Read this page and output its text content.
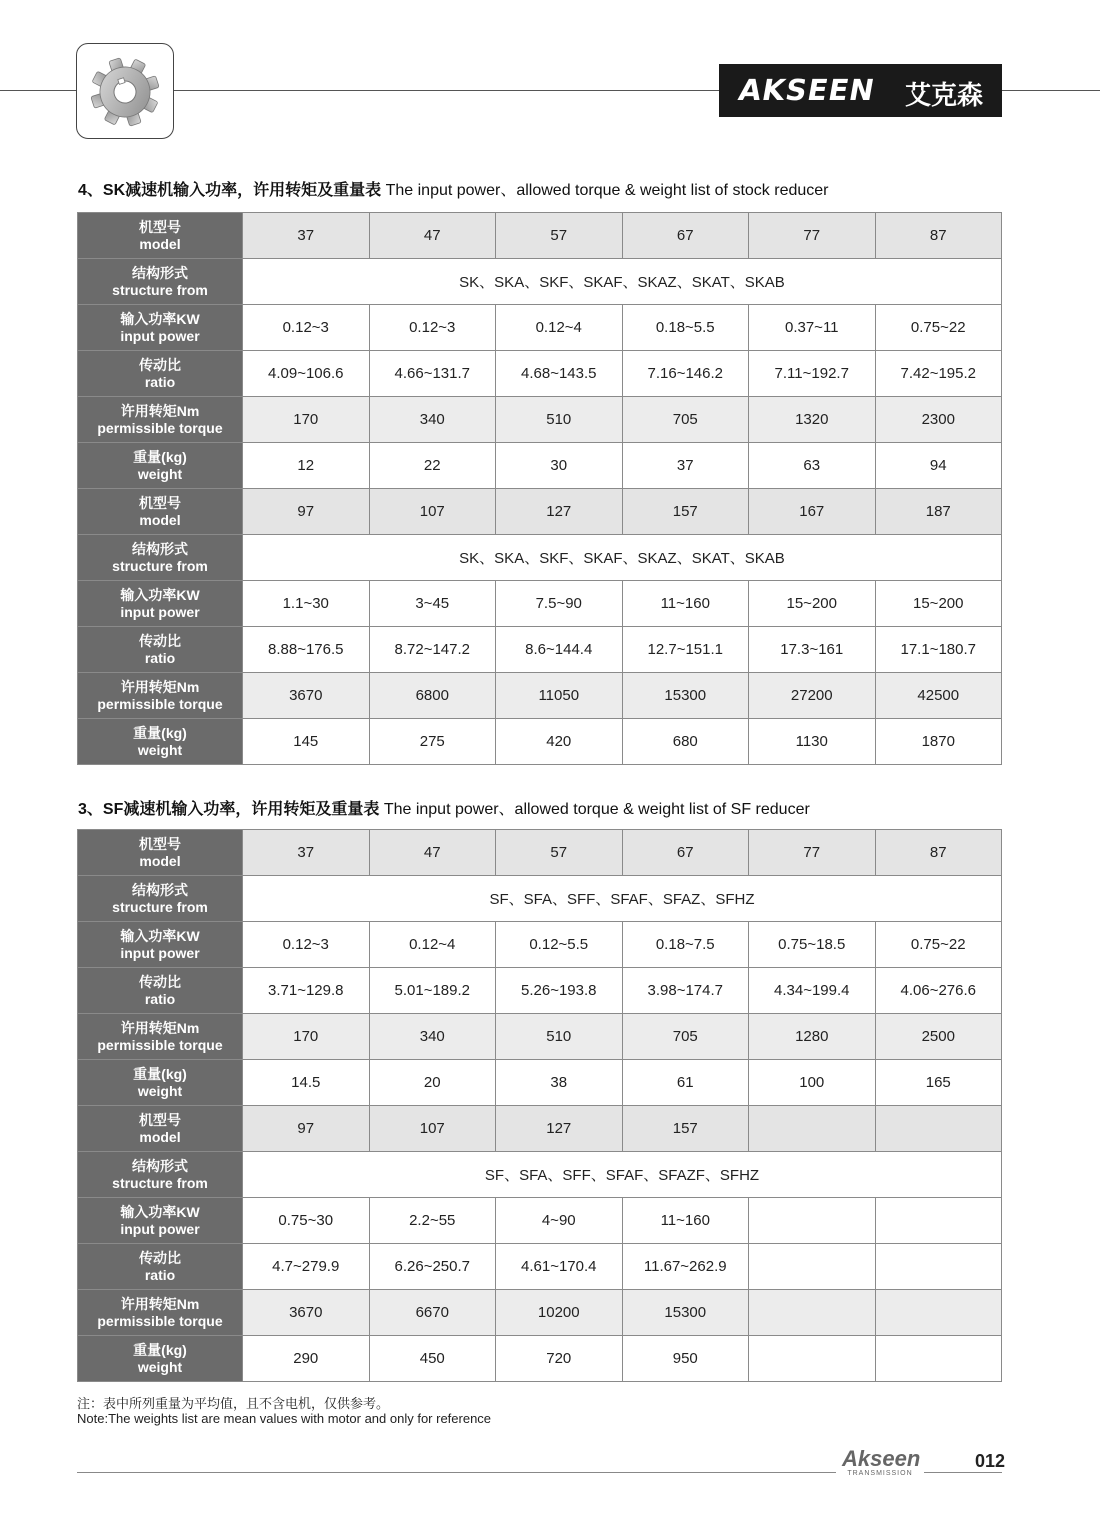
AKSEEN 艾克森
4、SK减速机输入功率，许用转矩及重量表 The input power、allowed torque & weight list of stock reducer
机型号
model	37	47	57	67	77	87

结构形式
structure from	SK、SKA、SKF、SKAF、SKAZ、SKAT、SKAB					

输入功率KW
input power	0.12~3	0.12~3	0.12~4	0.18~5.5	0.37~11	0.75~22

传动比
ratio	4.09~106.6	4.66~131.7	4.68~143.5	7.16~146.2	7.11~192.7	7.42~195.2

许用转矩Nm
permissible torque	170	340	510	705	1320	2300

重量(kg)
weight	12	22	30	37	63	94

机型号
model	97	107	127	157	167	187

结构形式
structure from	SK、SKA、SKF、SKAF、SKAZ、SKAT、SKAB					

输入功率KW
input power	1.1~30	3~45	7.5~90	11~160	15~200	15~200

传动比
ratio	8.88~176.5	8.72~147.2	8.6~144.4	12.7~151.1	17.3~161	17.1~180.7

许用转矩Nm
permissible torque	3670	6800	11050	15300	27200	42500

重量(kg)
weight	145	275	420	680	1130	1870
3、SF减速机输入功率，许用转矩及重量表 The input power、allowed torque & weight list of SF reducer
机型号
model	37	47	57	67	77	87

结构形式
structure from	SF、SFA、SFF、SFAF、SFAZ、SFHZ					

输入功率KW
input power	0.12~3	0.12~4	0.12~5.5	0.18~7.5	0.75~18.5	0.75~22

传动比
ratio	3.71~129.8	5.01~189.2	5.26~193.8	3.98~174.7	4.34~199.4	4.06~276.6

许用转矩Nm
permissible torque	170	340	510	705	1280	2500

重量(kg)
weight	14.5	20	38	61	100	165

机型号
model	97	107	127	157		

结构形式
structure from	SF、SFA、SFF、SFAF、SFAZF、SFHZ					

输入功率KW
input power	0.75~30	2.2~55	4~90	11~160		

传动比
ratio	4.7~279.9	6.26~250.7	4.61~170.4	11.67~262.9		

许用转矩Nm
permissible torque	3670	6670	10200	15300		

重量(kg)
weight	290	450	720	950		
注：表中所列重量为平均值，且不含电机，仅供参考。
Note:The weights list are mean values with motor and only for reference
Akseen
TRANSMISSION
012
